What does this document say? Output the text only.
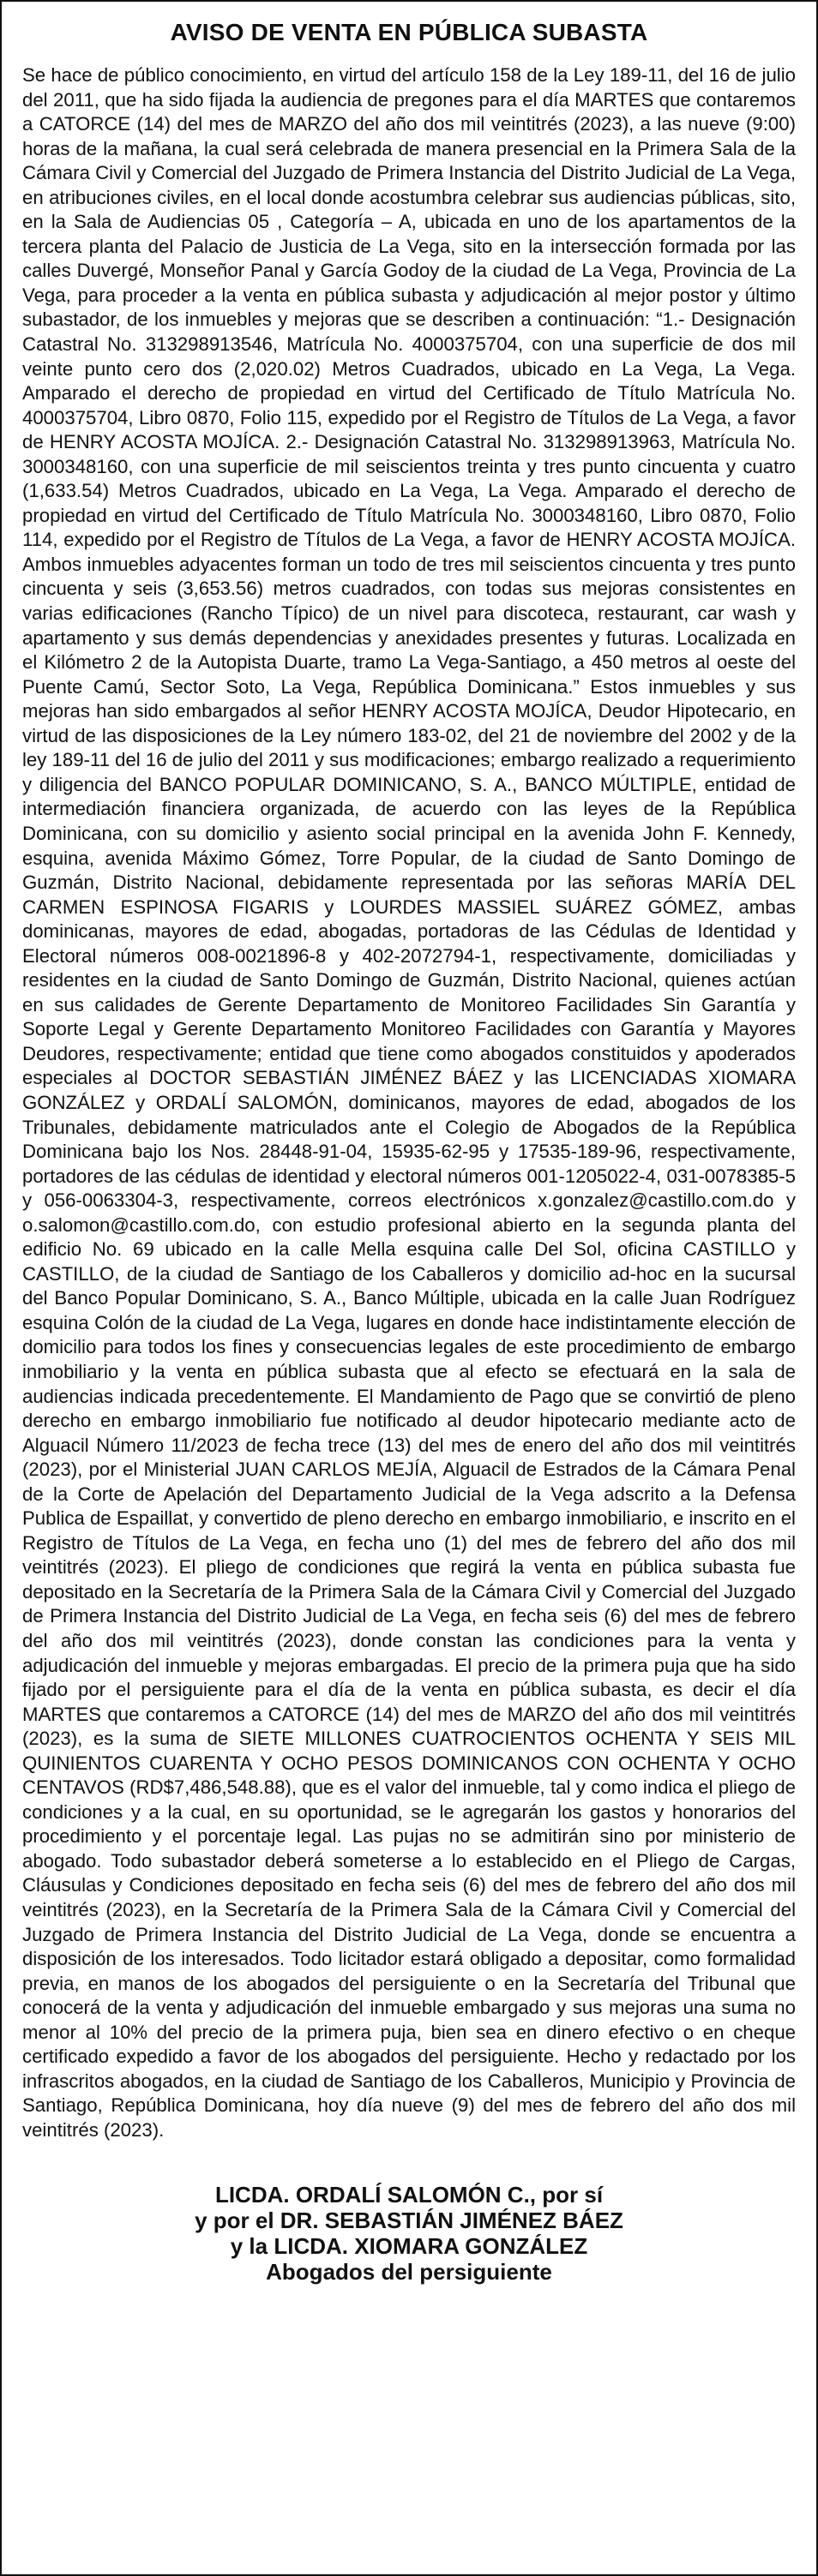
AVISO DE VENTA EN PÚBLICA SUBASTA

Se hace de público conocimiento, en virtud del artículo 158 de la Ley 189-11, del 16 de julio del 2011, que ha sido fijada la audiencia de pregones para el día MARTES que contaremos a CATORCE (14) del mes de MARZO del año dos mil veintitrés (2023), a las nueve (9:00) horas de la mañana, la cual será celebrada de manera presencial en la Primera Sala de la Cámara Civil y Comercial del Juzgado de Primera Instancia del Distrito Judicial de La Vega, en atribuciones civiles, en el local donde acostumbra celebrar sus audiencias públicas, sito, en la Sala de Audiencias 05 , Categoría – A, ubicada en uno de los apartamentos de la tercera planta del Palacio de Justicia de La Vega, sito en la intersección formada por las calles Duvergé, Monseñor Panal y García Godoy de la ciudad de La Vega, Provincia de La Vega, para proceder a la venta en pública subasta y adjudicación al mejor postor y último subastador, de los inmuebles y mejoras que se describen a continuación: “1.- Designación Catastral No. 313298913546, Matrícula No. 4000375704, con una superficie de dos mil veinte punto cero dos (2,020.02) Metros Cuadrados, ubicado en La Vega, La Vega. Amparado el derecho de propiedad en virtud del Certificado de Título Matrícula No. 4000375704, Libro 0870, Folio 115, expedido por el Registro de Títulos de La Vega, a favor de HENRY ACOSTA MOJÍCA. 2.- Designación Catastral No. 313298913963, Matrícula No. 3000348160, con una superficie de mil seiscientos treinta y tres punto cincuenta y cuatro (1,633.54) Metros Cuadrados, ubicado en La Vega, La Vega. Amparado el derecho de propiedad en virtud del Certificado de Título Matrícula No. 3000348160, Libro 0870, Folio 114, expedido por el Registro de Títulos de La Vega, a favor de HENRY ACOSTA MOJÍCA. Ambos inmuebles adyacentes forman un todo de tres mil seiscientos cincuenta y tres punto cincuenta y seis (3,653.56) metros cuadrados, con todas sus mejoras consistentes en varias edificaciones (Rancho Típico) de un nivel para discoteca, restaurant, car wash y apartamento y sus demás dependencias y anexidades presentes y futuras. Localizada en el Kilómetro 2 de la Autopista Duarte, tramo La Vega-Santiago, a 450 metros al oeste del Puente Camú, Sector Soto, La Vega, República Dominicana.” Estos inmuebles y sus mejoras han sido embargados al señor HENRY ACOSTA MOJÍCA, Deudor Hipotecario, en virtud de las disposiciones de la Ley número 183-02, del 21 de noviembre del 2002 y de la ley 189-11 del 16 de julio del 2011 y sus modificaciones; embargo realizado a requerimiento y diligencia del BANCO POPULAR DOMINICANO, S. A., BANCO MÚLTIPLE, entidad de intermediación financiera organizada, de acuerdo con las leyes de la República Dominicana, con su domicilio y asiento social principal en la avenida John F. Kennedy, esquina, avenida Máximo Gómez, Torre Popular, de la ciudad de Santo Domingo de Guzmán, Distrito Nacional, debidamente representada por las señoras MARÍA DEL CARMEN ESPINOSA FIGARIS y LOURDES MASSIEL SUÁREZ GÓMEZ, ambas dominicanas, mayores de edad, abogadas, portadoras de las Cédulas de Identidad y Electoral números 008-0021896-8 y 402-2072794-1, respectivamente, domiciliadas y residentes en la ciudad de Santo Domingo de Guzmán, Distrito Nacional, quienes actúan en sus calidades de Gerente Departamento de Monitoreo Facilidades Sin Garantía y Soporte Legal y Gerente Departamento Monitoreo Facilidades con Garantía y Mayores Deudores, respectivamente; entidad que tiene como abogados constituidos y apoderados especiales al DOCTOR SEBASTIÁN JIMÉNEZ BÁEZ y las LICENCIADAS XIOMARA GONZÁLEZ y ORDALÍ SALOMÓN, dominicanos, mayores de edad, abogados de los Tribunales, debidamente matriculados ante el Colegio de Abogados de la República Dominicana bajo los Nos. 28448-91-04, 15935-62-95 y 17535-189-96, respectivamente, portadores de las cédulas de identidad y electoral números 001-1205022-4, 031-0078385-5 y 056-0063304-3, respectivamente, correos electrónicos x.gonzalez@castillo.com.do y o.salomon@castillo.com.do, con estudio profesional abierto en la segunda planta del edificio No. 69 ubicado en la calle Mella esquina calle Del Sol, oficina CASTILLO y CASTILLO, de la ciudad de Santiago de los Caballeros y domicilio ad-hoc en la sucursal del Banco Popular Dominicano, S. A., Banco Múltiple, ubicada en la calle Juan Rodríguez esquina Colón de la ciudad de La Vega, lugares en donde hace indistintamente elección de domicilio para todos los fines y consecuencias legales de este procedimiento de embargo inmobiliario y la venta en pública subasta que al efecto se efectuará en la sala de audiencias indicada precedentemente. El Mandamiento de Pago que se convirtió de pleno derecho en embargo inmobiliario fue notificado al deudor hipotecario mediante acto de Alguacil Número 11/2023 de fecha trece (13) del mes de enero del año dos mil veintitrés (2023), por el Ministerial JUAN CARLOS MEJÍA, Alguacil de Estrados de la Cámara Penal de la Corte de Apelación del Departamento Judicial de la Vega adscrito a la Defensa Publica de Espaillat, y convertido de pleno derecho en embargo inmobiliario, e inscrito en el Registro de Títulos de La Vega, en fecha uno (1) del mes de febrero del año dos mil veintitrés (2023). El pliego de condiciones que regirá la venta en pública subasta fue depositado en la Secretaría de la Primera Sala de la Cámara Civil y Comercial del Juzgado de Primera Instancia del Distrito Judicial de La Vega, en fecha seis (6) del mes de febrero del año dos mil veintitrés (2023), donde constan las condiciones para la venta y adjudicación del inmueble y mejoras embargadas. El precio de la primera puja que ha sido fijado por el persiguiente para el día de la venta en pública subasta, es decir el día MARTES que contaremos a CATORCE (14) del mes de MARZO del año dos mil veintitrés (2023), es la suma de SIETE MILLONES CUATROCIENTOS OCHENTA Y SEIS MIL QUINIENTOS CUARENTA Y OCHO PESOS DOMINICANOS CON OCHENTA Y OCHO CENTAVOS (RD$7,486,548.88), que es el valor del inmueble, tal y como indica el pliego de condiciones y a la cual, en su oportunidad, se le agregarán los gastos y honorarios del procedimiento y el porcentaje legal. Las pujas no se admitirán sino por ministerio de abogado. Todo subastador deberá someterse a lo establecido en el Pliego de Cargas, Cláusulas y Condiciones depositado en fecha seis (6) del mes de febrero del año dos mil veintitrés (2023), en la Secretaría de la Primera Sala de la Cámara Civil y Comercial del Juzgado de Primera Instancia del Distrito Judicial de La Vega, donde se encuentra a disposición de los interesados. Todo licitador estará obligado a depositar, como formalidad previa, en manos de los abogados del persiguiente o en la Secretaría del Tribunal que conocerá de la venta y adjudicación del inmueble embargado y sus mejoras una suma no menor al 10% del precio de la primera puja, bien sea en dinero efectivo o en cheque certificado expedido a favor de los abogados del persiguiente. Hecho y redactado por los infrascritos abogados, en la ciudad de Santiago de los Caballeros, Municipio y Provincia de Santiago, República Dominicana, hoy día nueve (9) del mes de febrero del año dos mil veintitrés (2023).

LICDA. ORDALÍ SALOMÓN C., por sí
y por el DR. SEBASTIÁN JIMÉNEZ BÁEZ
y la LICDA. XIOMARA GONZÁLEZ
Abogados del persiguiente
